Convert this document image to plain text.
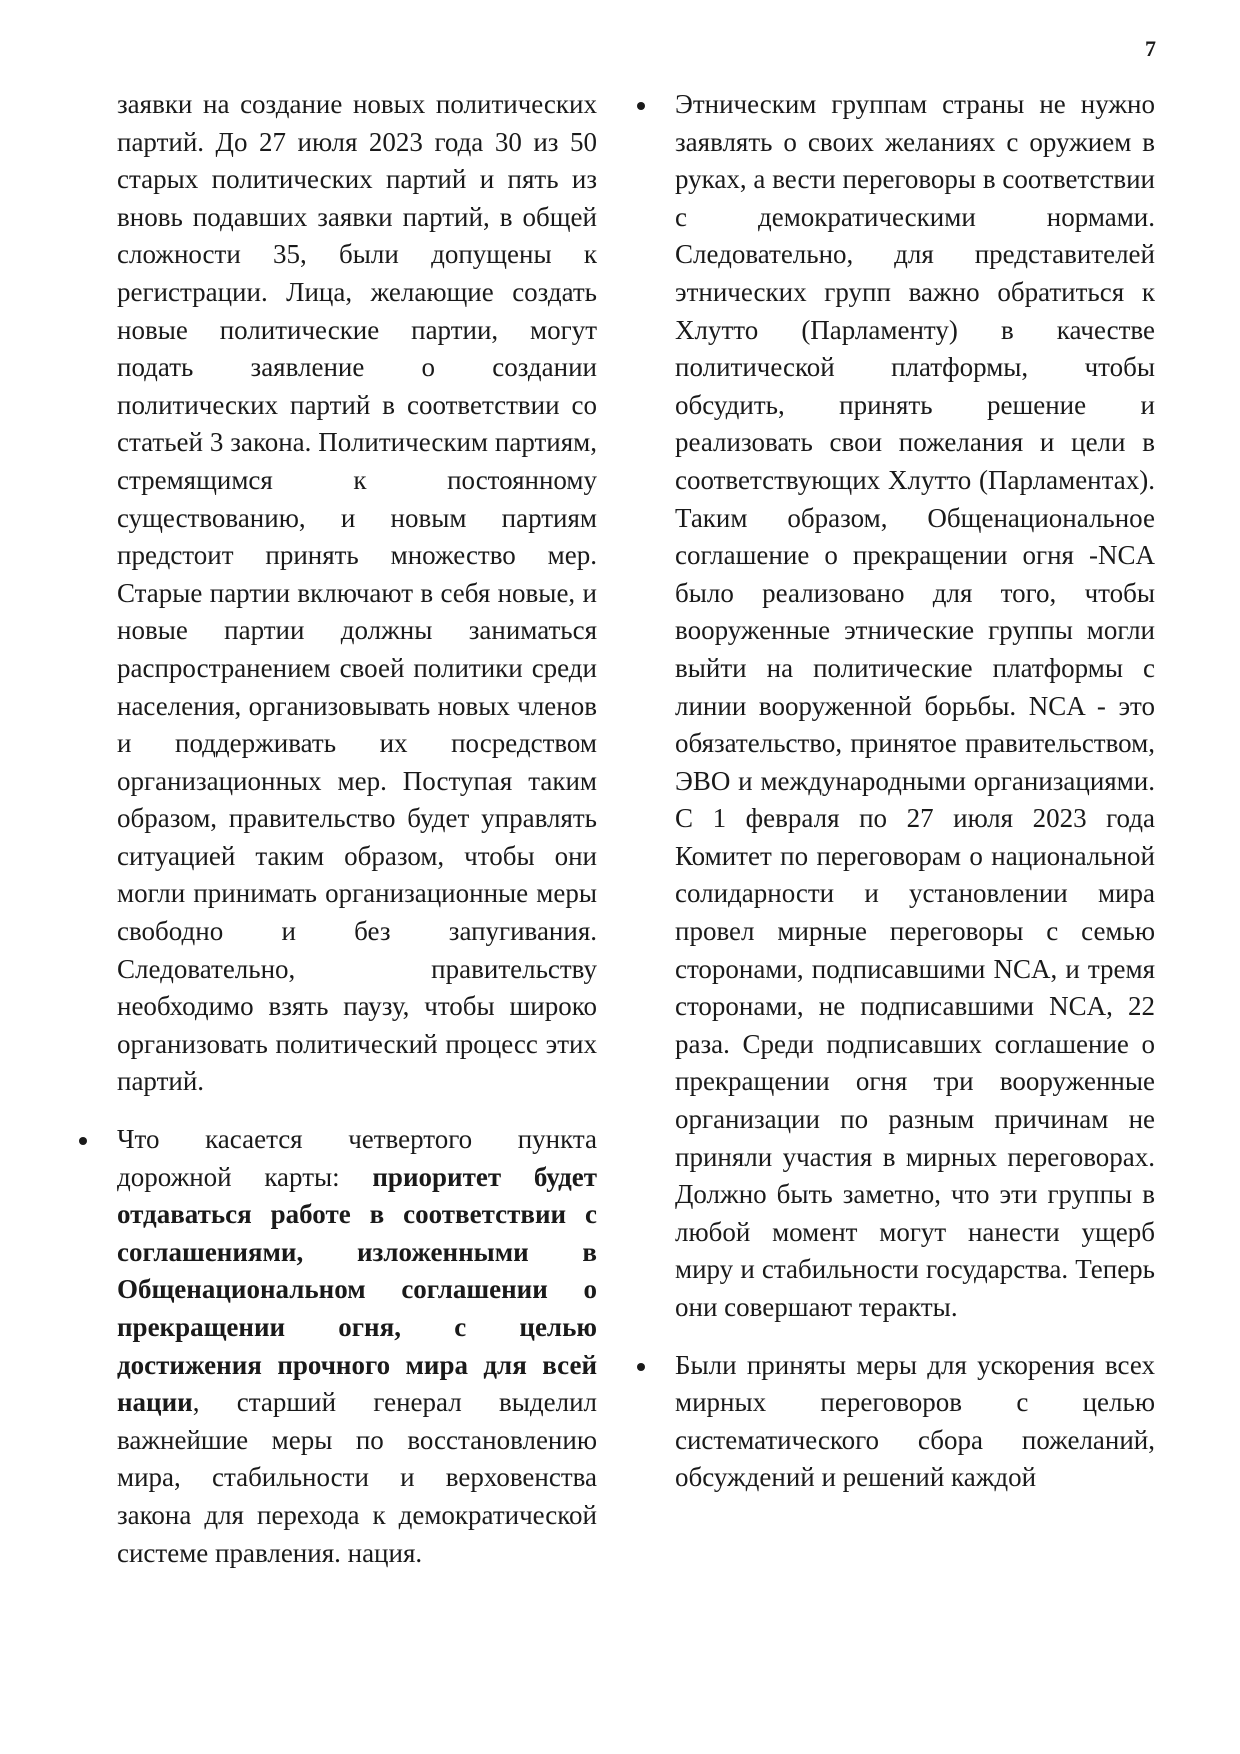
7

заявки на создание новых политических партий. До 27 июля 2023 года 30 из 50 старых политических партий и пять из вновь подавших заявки партий, в общей сложности 35, были допущены к регистрации. Лица, желающие создать новые политические партии, могут подать заявление о создании политических партий в соответствии со статьей 3 закона. Политическим партиям, стремящимся к постоянному существованию, и новым партиям предстоит принять множество мер. Старые партии включают в себя новые, и новые партии должны заниматься распространением своей политики среди населения, организовывать новых членов и поддерживать их посредством организационных мер. Поступая таким образом, правительство будет управлять ситуацией таким образом, чтобы они могли принимать организационные меры свободно и без запугивания. Следовательно, правительству необходимо взять паузу, чтобы широко организовать политический процесс этих партий.

Что касается четвертого пункта дорожной карты: приоритет будет отдаваться работе в соответствии с соглашениями, изложенными в Общенациональном соглашении о прекращении огня, с целью достижения прочного мира для всей нации, старший генерал выделил важнейшие меры по восстановлению мира, стабильности и верховенства закона для перехода к демократической системе правления. нация.

Этническим группам страны не нужно заявлять о своих желаниях с оружием в руках, а вести переговоры в соответствии с демократическими нормами. Следовательно, для представителей этнических групп важно обратиться к Хлутто (Парламенту) в качестве политической платформы, чтобы обсудить, принять решение и реализовать свои пожелания и цели в соответствующих Хлутто (Парламентах). Таким образом, Общенациональное соглашение о прекращении огня -NCA было реализовано для того, чтобы вооруженные этнические группы могли выйти на политические платформы с линии вооруженной борьбы. NCA - это обязательство, принятое правительством, ЭВО и международными организациями. С 1 февраля по 27 июля 2023 года Комитет по переговорам о национальной солидарности и установлении мира провел мирные переговоры с семью сторонами, подписавшими NCA, и тремя сторонами, не подписавшими NCA, 22 раза. Среди подписавших соглашение о прекращении огня три вооруженные организации по разным причинам не приняли участия в мирных переговорах. Должно быть заметно, что эти группы в любой момент могут нанести ущерб миру и стабильности государства. Теперь они совершают теракты.

Были приняты меры для ускорения всех мирных переговоров с целью систематического сбора пожеланий, обсуждений и решений каждой
